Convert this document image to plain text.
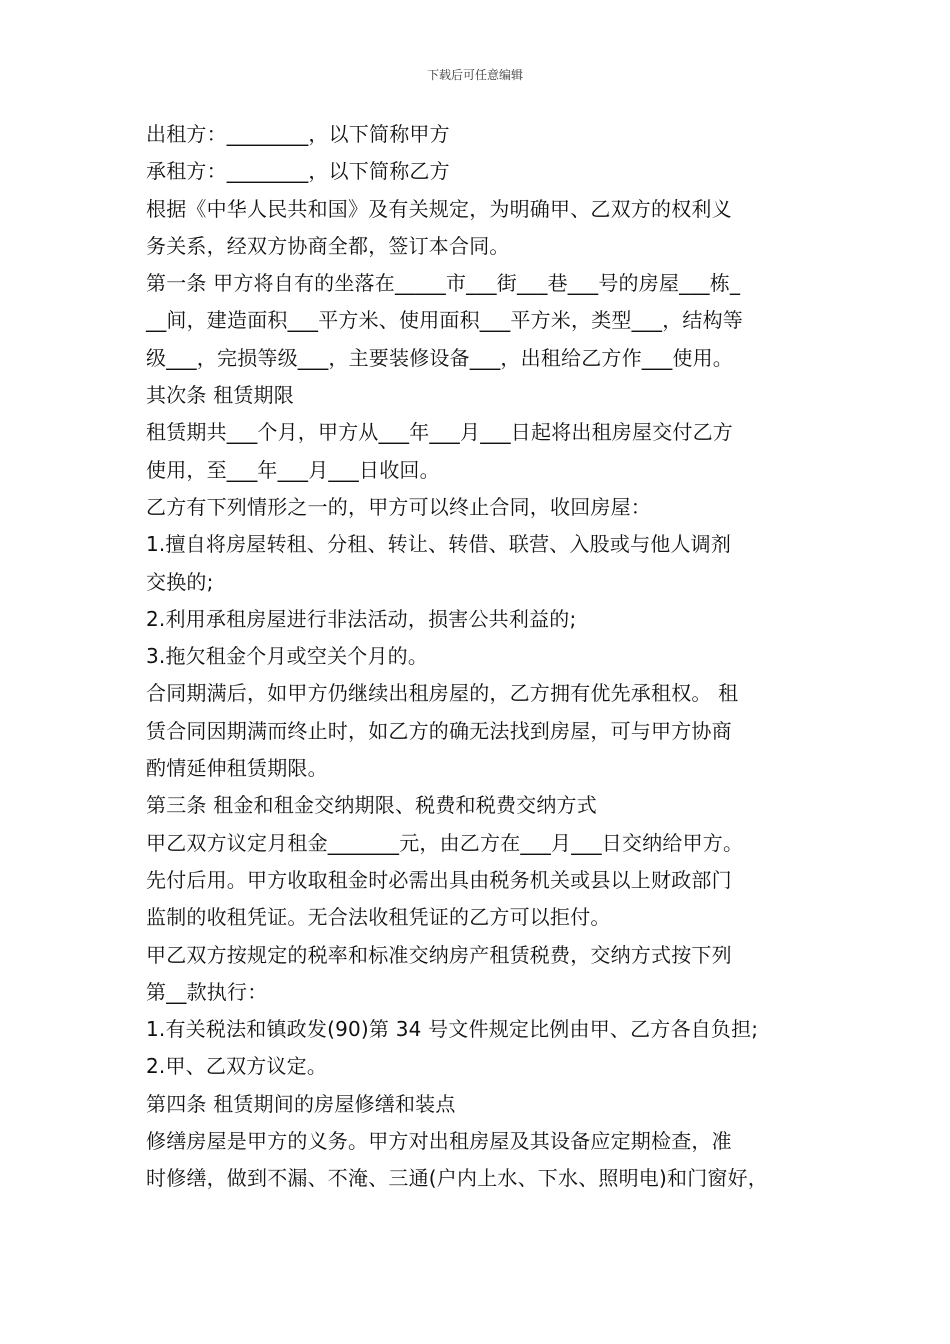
下载后可任意编辑
出租方：________，以下简称甲方
承租方：________，以下简称乙方
根据《中华人民共和国》及有关规定，为明确甲、乙双方的权利义
务关系，经双方协商全都，签订本合同。
第一条 甲方将自有的坐落在_____市___街___巷___号的房屋___栋_
__间，建造面积___平方米、使用面积___平方米，类型___，结构等
级___，完损等级___，主要装修设备___，出租给乙方作___使用。
其次条 租赁期限
租赁期共___个月，甲方从___年___月___日起将出租房屋交付乙方
使用，至___年___月___日收回。
乙方有下列情形之一的，甲方可以终止合同，收回房屋：
1.擅自将房屋转租、分租、转让、转借、联营、入股或与他人调剂
交换的;
2.利用承租房屋进行非法活动，损害公共利益的;
3.拖欠租金个月或空关个月的。
合同期满后，如甲方仍继续出租房屋的，乙方拥有优先承租权。 租
赁合同因期满而终止时，如乙方的确无法找到房屋，可与甲方协商
酌情延伸租赁期限。
第三条 租金和租金交纳期限、税费和税费交纳方式
甲乙双方议定月租金_______元，由乙方在___月___日交纳给甲方。
先付后用。甲方收取租金时必需出具由税务机关或县以上财政部门
监制的收租凭证。无合法收租凭证的乙方可以拒付。
甲乙双方按规定的税率和标准交纳房产租赁税费，交纳方式按下列
第__款执行：
1.有关税法和镇政发(90)第 34 号文件规定比例由甲、乙方各自负担;
2.甲、乙双方议定。
第四条 租赁期间的房屋修缮和装点
修缮房屋是甲方的义务。甲方对出租房屋及其设备应定期检查，准
时修缮，做到不漏、不淹、三通(户内上水、下水、照明电)和门窗好，
